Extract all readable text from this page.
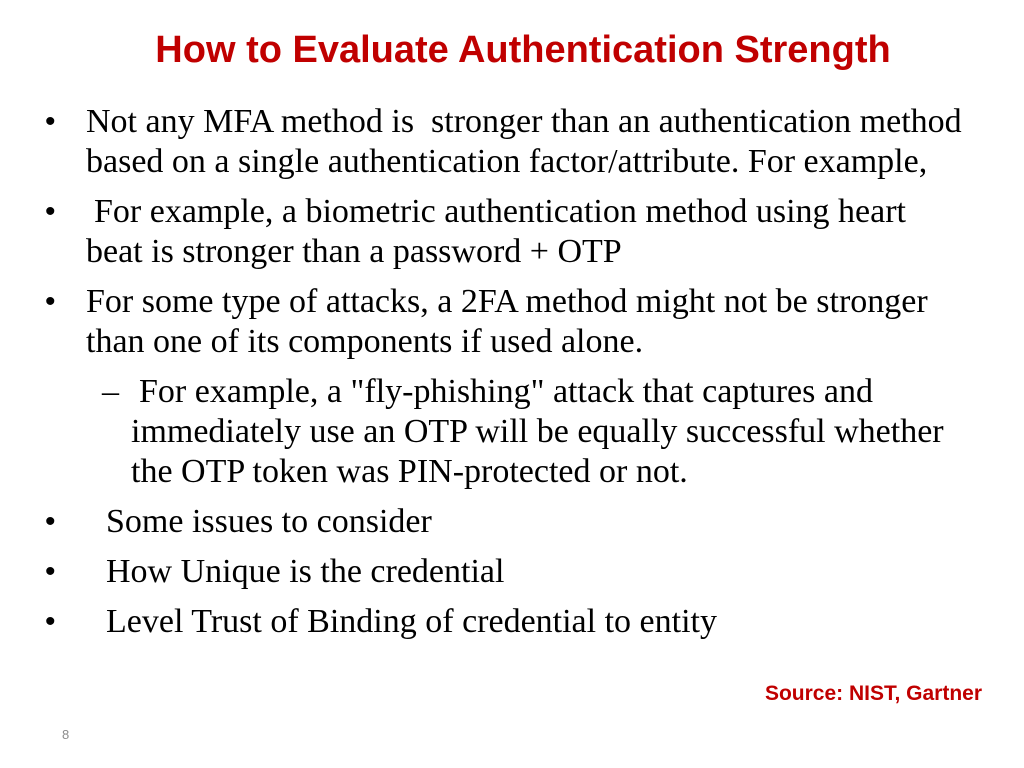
How to Evaluate Authentication Strength
• Not any MFA method is  stronger than an authentication method
based on a single authentication factor/attribute. For example,
• For example, a biometric authentication method using heart
beat is stronger than a password + OTP
• For some type of attacks, a 2FA method might not be stronger
than one of its components if used alone.
– For example, a "fly-phishing" attack that captures and
immediately use an OTP will be equally successful whether
the OTP token was PIN-protected or not.
• Some issues to consider
• How Unique is the credential
• Level Trust of Binding of credential to entity
Source: NIST, Gartner
8
